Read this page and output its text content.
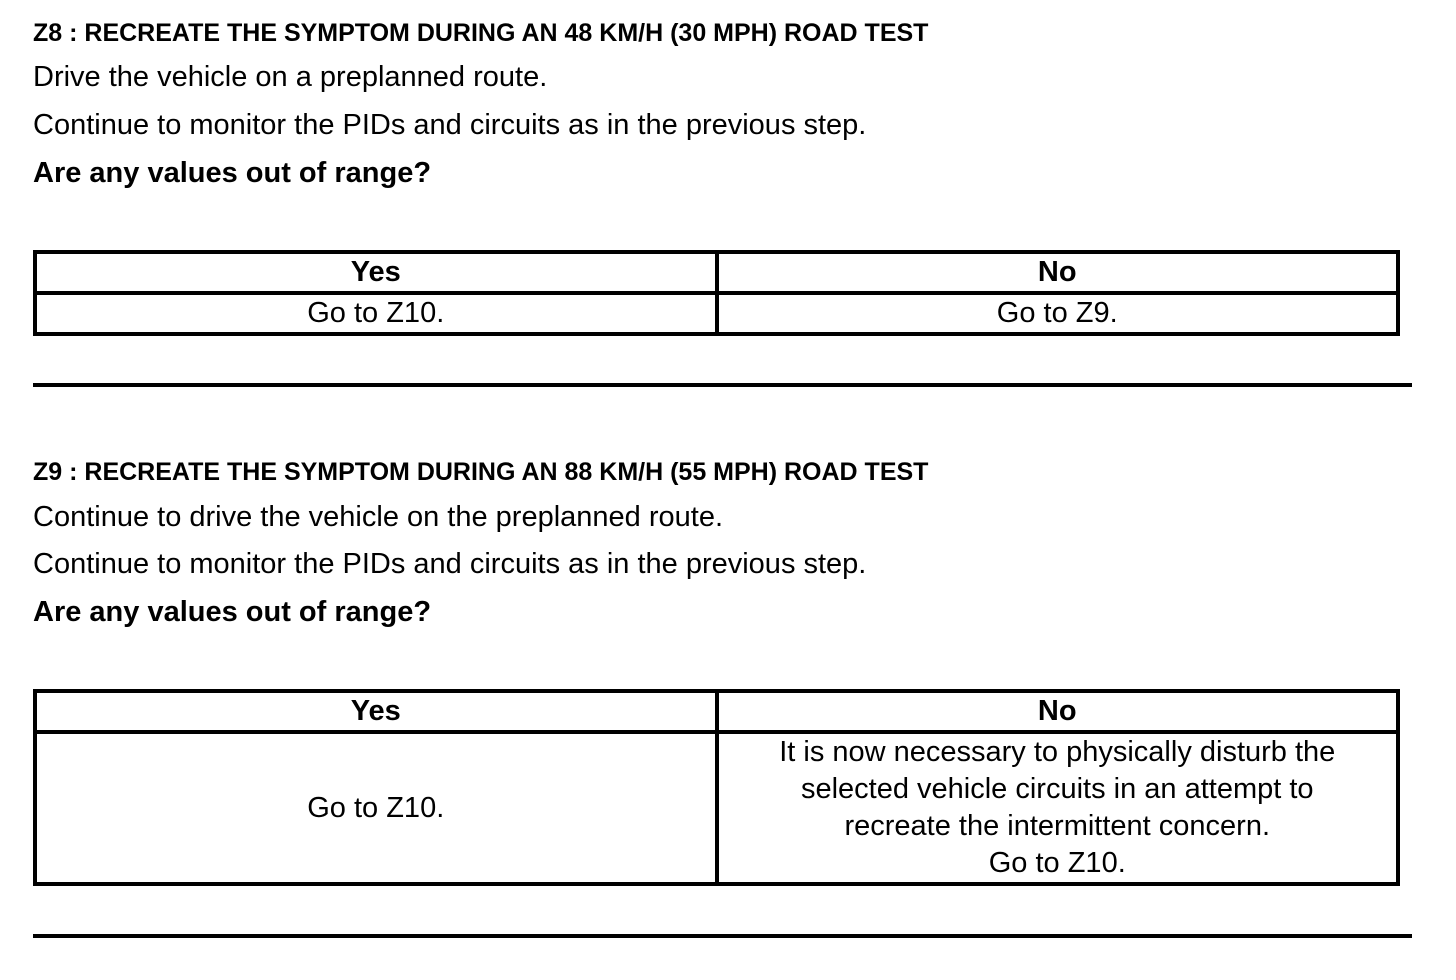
Z8 : RECREATE THE SYMPTOM DURING AN 48 KM/H (30 MPH) ROAD TEST
Drive the vehicle on a preplanned route.
Continue to monitor the PIDs and circuits as in the previous step.
Are any values out of range?
Yes	No
Go to Z10.	Go to Z9.
Z9 : RECREATE THE SYMPTOM DURING AN 88 KM/H (55 MPH) ROAD TEST
Continue to drive the vehicle on the preplanned route.
Continue to monitor the PIDs and circuits as in the previous step.
Are any values out of range?
Yes	No
Go to Z10.	It is now necessary to physically disturb the
selected vehicle circuits in an attempt to
recreate the intermittent concern.
Go to Z10.
